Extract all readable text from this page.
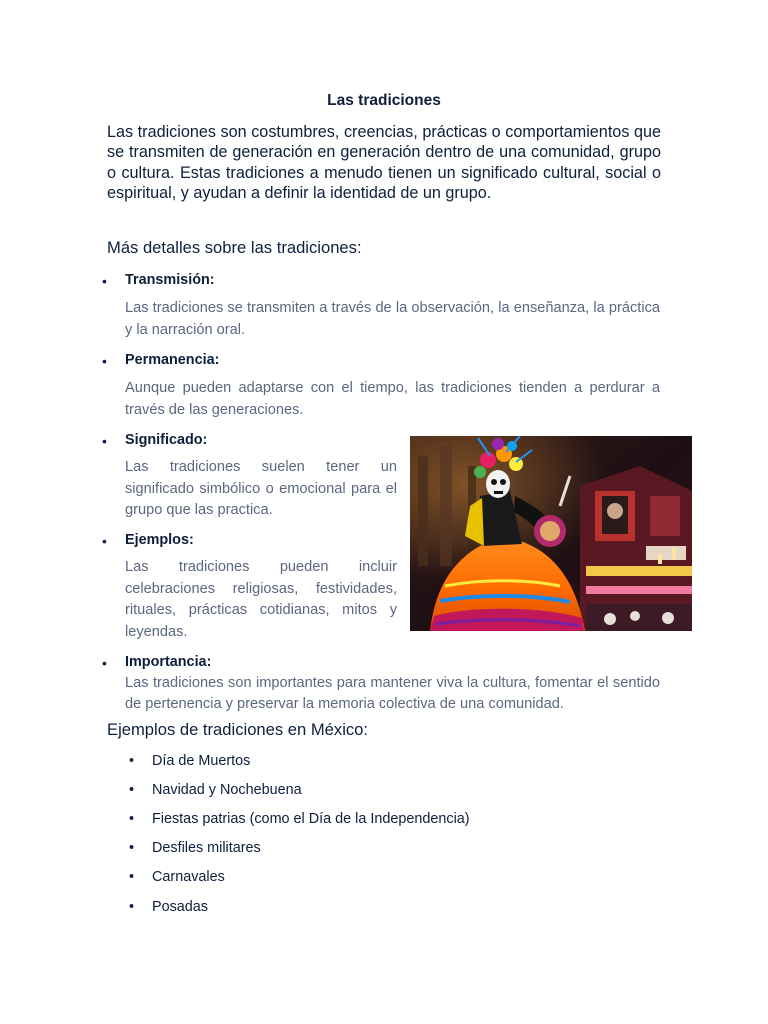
Las tradiciones
Las tradiciones son costumbres, creencias, prácticas o comportamientos que se transmiten de generación en generación dentro de una comunidad, grupo o cultura. Estas tradiciones a menudo tienen un significado cultural, social o espiritual, y ayudan a definir la identidad de un grupo.
Más detalles sobre las tradiciones:
• Transmisión:
Las tradiciones se transmiten a través de la observación, la enseñanza, la práctica y la narración oral.
• Permanencia:
Aunque pueden adaptarse con el tiempo, las tradiciones tienden a perdurar a través de las generaciones.
• Significado:
Las tradiciones suelen tener un significado simbólico o emocional para el grupo que las practica.
• Ejemplos:
Las tradiciones pueden incluir celebraciones religiosas, festividades, rituales, prácticas cotidianas, mitos y leyendas.
• Importancia:
Las tradiciones son importantes para mantener viva la cultura, fomentar el sentido de pertenencia y preservar la memoria colectiva de una comunidad.
Ejemplos de tradiciones en México:
• Día de Muertos
• Navidad y Nochebuena
• Fiestas patrias (como el Día de la Independencia)
• Desfiles militares
• Carnavales
• Posadas
